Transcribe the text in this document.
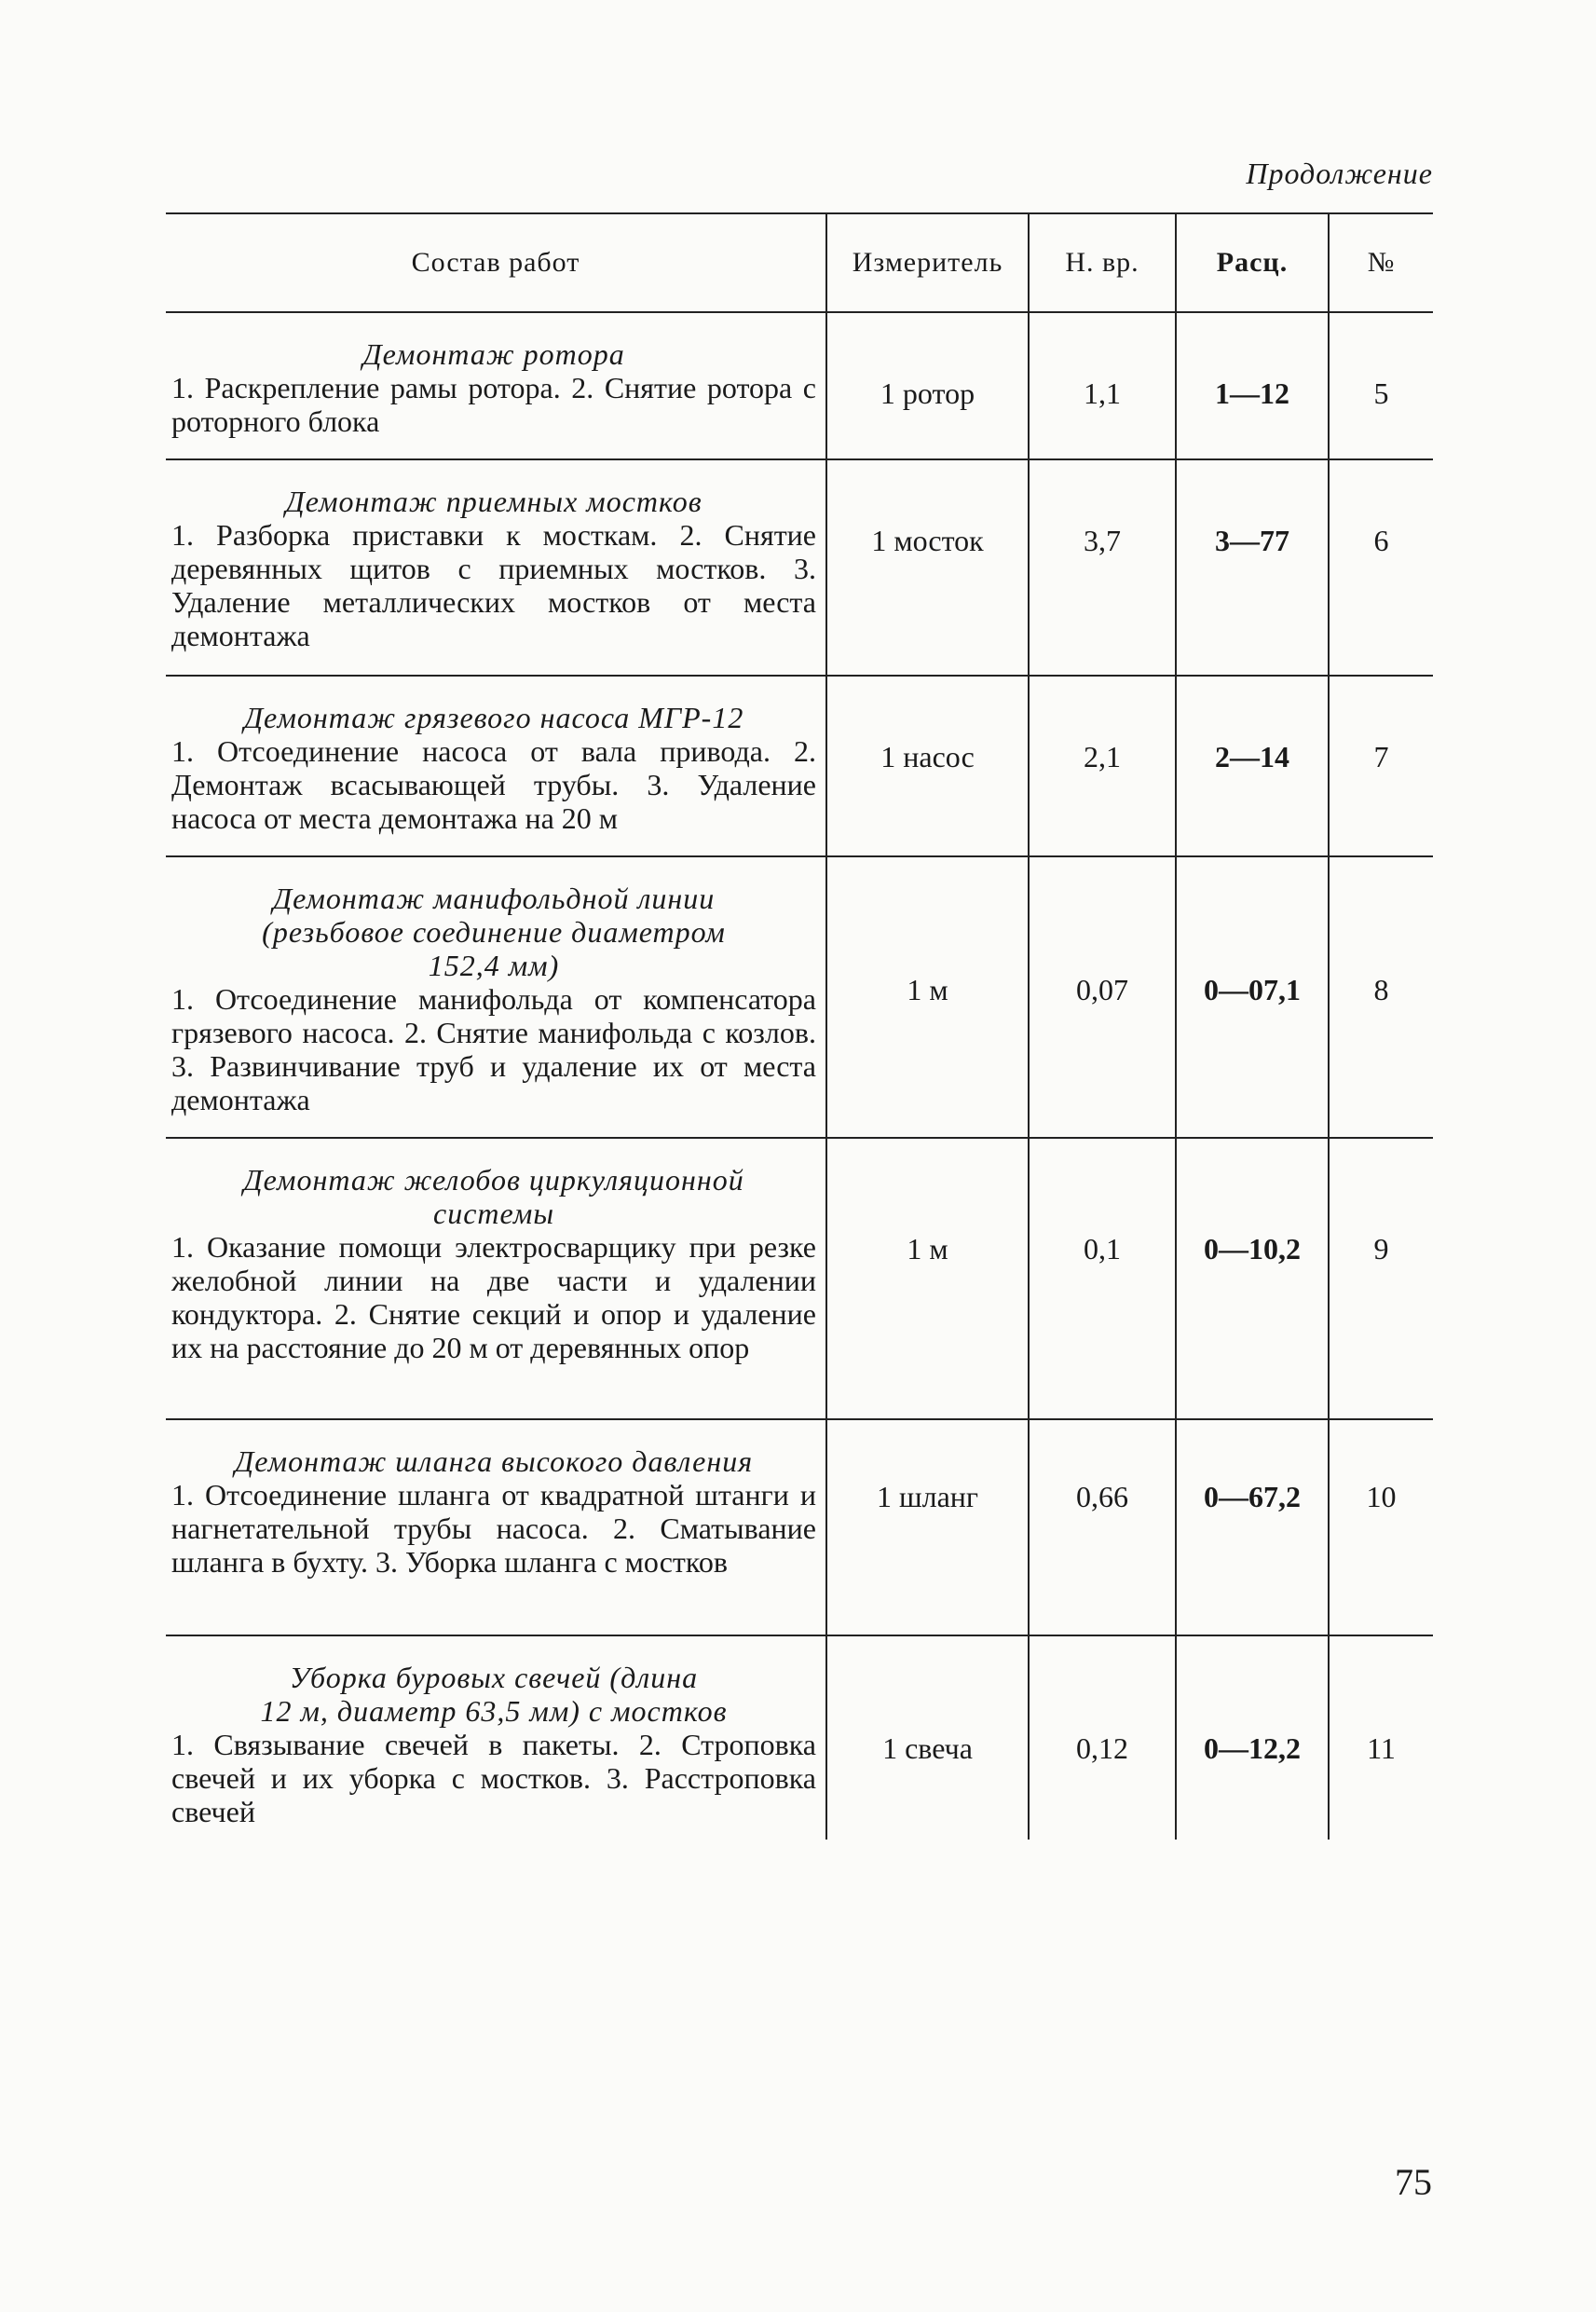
Продолжение
Состав работ	Измеритель	Н. вр.	Расц.	№

Демонтаж ротора
1. Раскрепление рамы ротора. 2. Снятие ротора с роторного блока	1 ротор	1,1	1—12	5

Демонтаж приемных мостков
1. Разборка приставки к мосткам. 2. Снятие деревянных щитов с приемных мостков. 3. Удаление металлических мостков от места демонтажа	1 мосток	3,7	3—77	6

Демонтаж грязевого насоса МГР-12
1. Отсоединение насоса от вала привода. 2. Демонтаж всасывающей трубы. 3. Удаление насоса от места демонтажа на 20 м	1 насос	2,1	2—14	7

Демонтаж манифольдной линии
(резьбовое соединение диаметром
152,4 мм)
1. Отсоединение манифольда от компенсатора грязевого насоса. 2. Снятие манифольда с козлов. 3. Развинчивание труб и удаление их от места демонтажа	1 м	0,07	0—07,1	8

Демонтаж желобов циркуляционной
системы
1. Оказание помощи электросварщику при резке желобной линии на две части и удалении кондуктора. 2. Снятие секций и опор и удаление их на расстояние до 20 м от деревянных опор	1 м	0,1	0—10,2	9

Демонтаж шланга высокого давления
1. Отсоединение шланга от квадратной штанги и нагнетательной трубы насоса. 2. Сматывание шланга в бухту. 3. Уборка шланга с мостков	1 шланг	0,66	0—67,2	10

Уборка буровых свечей (длина
12 м, диаметр 63,5 мм) с мостков
1. Связывание свечей в пакеты. 2. Строповка свечей и их уборка с мостков. 3. Расстроповка свечей	1 свеча	0,12	0—12,2	11
75
